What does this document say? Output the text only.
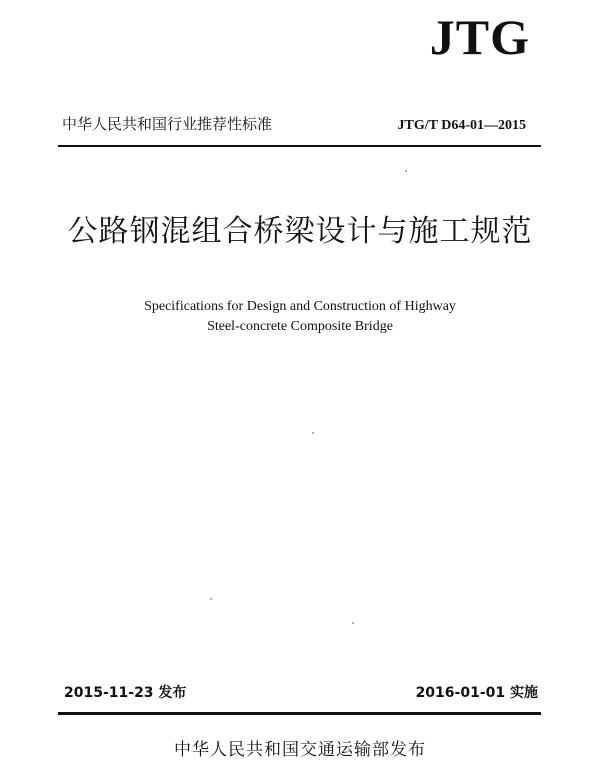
JTG
中华人民共和国行业推荐性标准	JTG/T D64-01—2015
公路钢混组合桥梁设计与施工规范
Specifications for Design and Construction of Highway
Steel-concrete Composite Bridge
2015-11-23 发布	2016-01-01 实施
中华人民共和国交通运输部发布
